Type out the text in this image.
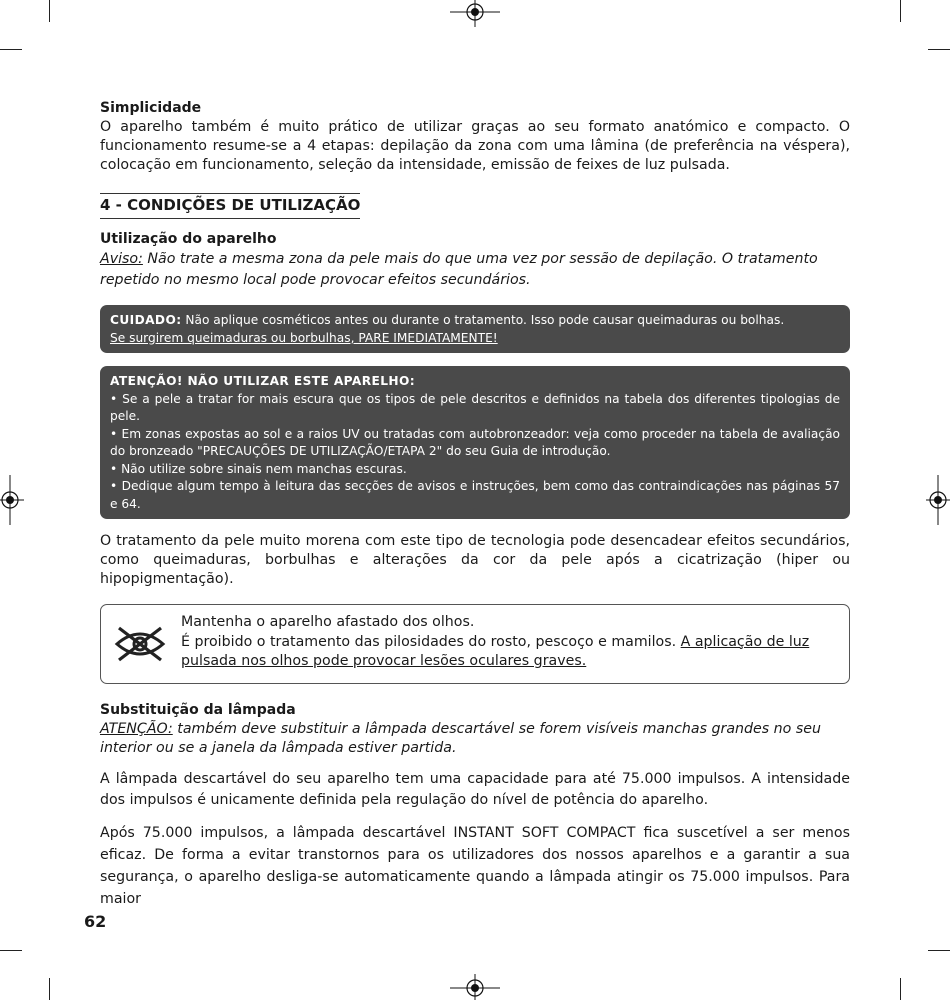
Simplicidade

O aparelho também é muito prático de utilizar graças ao seu formato anatómico e compacto. O funcionamento resume-se a 4 etapas: depilação da zona com uma lâmina (de preferência na véspera), colocação em funcionamento, seleção da intensidade, emissão de feixes de luz pulsada.

4 - CONDIÇÕES DE UTILIZAÇÃO

Utilização do aparelho

Aviso: Não trate a mesma zona da pele mais do que uma vez por sessão de depilação. O tratamento repetido no mesmo local pode provocar efeitos secundários.

CUIDADO: Não aplique cosméticos antes ou durante o tratamento. Isso pode causar queimaduras ou bolhas.
Se surgirem queimaduras ou borbulhas, PARE IMEDIATAMENTE!
ATENÇÃO! NÃO UTILIZAR ESTE APARELHO:
• Se a pele a tratar for mais escura que os tipos de pele descritos e definidos na tabela dos diferentes tipologias de pele.
• Em zonas expostas ao sol e a raios UV ou tratadas com autobronzeador: veja como proceder na tabela de avaliação do bronzeado "PRECAUÇÕES DE UTILIZAÇÃO/ETAPA 2" do seu Guia de introdução.
• Não utilize sobre sinais nem manchas escuras.
• Dedique algum tempo à leitura das secções de avisos e instruções, bem como das contraindicações nas páginas 57 e 64.

O tratamento da pele muito morena com este tipo de tecnologia pode desencadear efeitos secundários, como queimaduras, borbulhas e alterações da cor da pele após a cicatrização (hiper ou hipopigmentação).

Mantenha o aparelho afastado dos olhos.
É proibido o tratamento das pilosidades do rosto, pescoço e mamilos. A aplicação de luz pulsada nos olhos pode provocar lesões oculares graves.

Substituição da lâmpada

ATENÇÃO: também deve substituir a lâmpada descartável se forem visíveis manchas grandes no seu interior ou se a janela da lâmpada estiver partida.

A lâmpada descartável do seu aparelho tem uma capacidade para até 75.000 impulsos. A intensidade dos impulsos é unicamente definida pela regulação do nível de potência do aparelho.

Após 75.000 impulsos, a lâmpada descartável INSTANT SOFT COMPACT fica suscetível a ser menos eficaz. De forma a evitar transtornos para os utilizadores dos nossos aparelhos e a garantir a sua segurança, o aparelho desliga-se automaticamente quando a lâmpada atingir os 75.000 impulsos. Para maior

62
